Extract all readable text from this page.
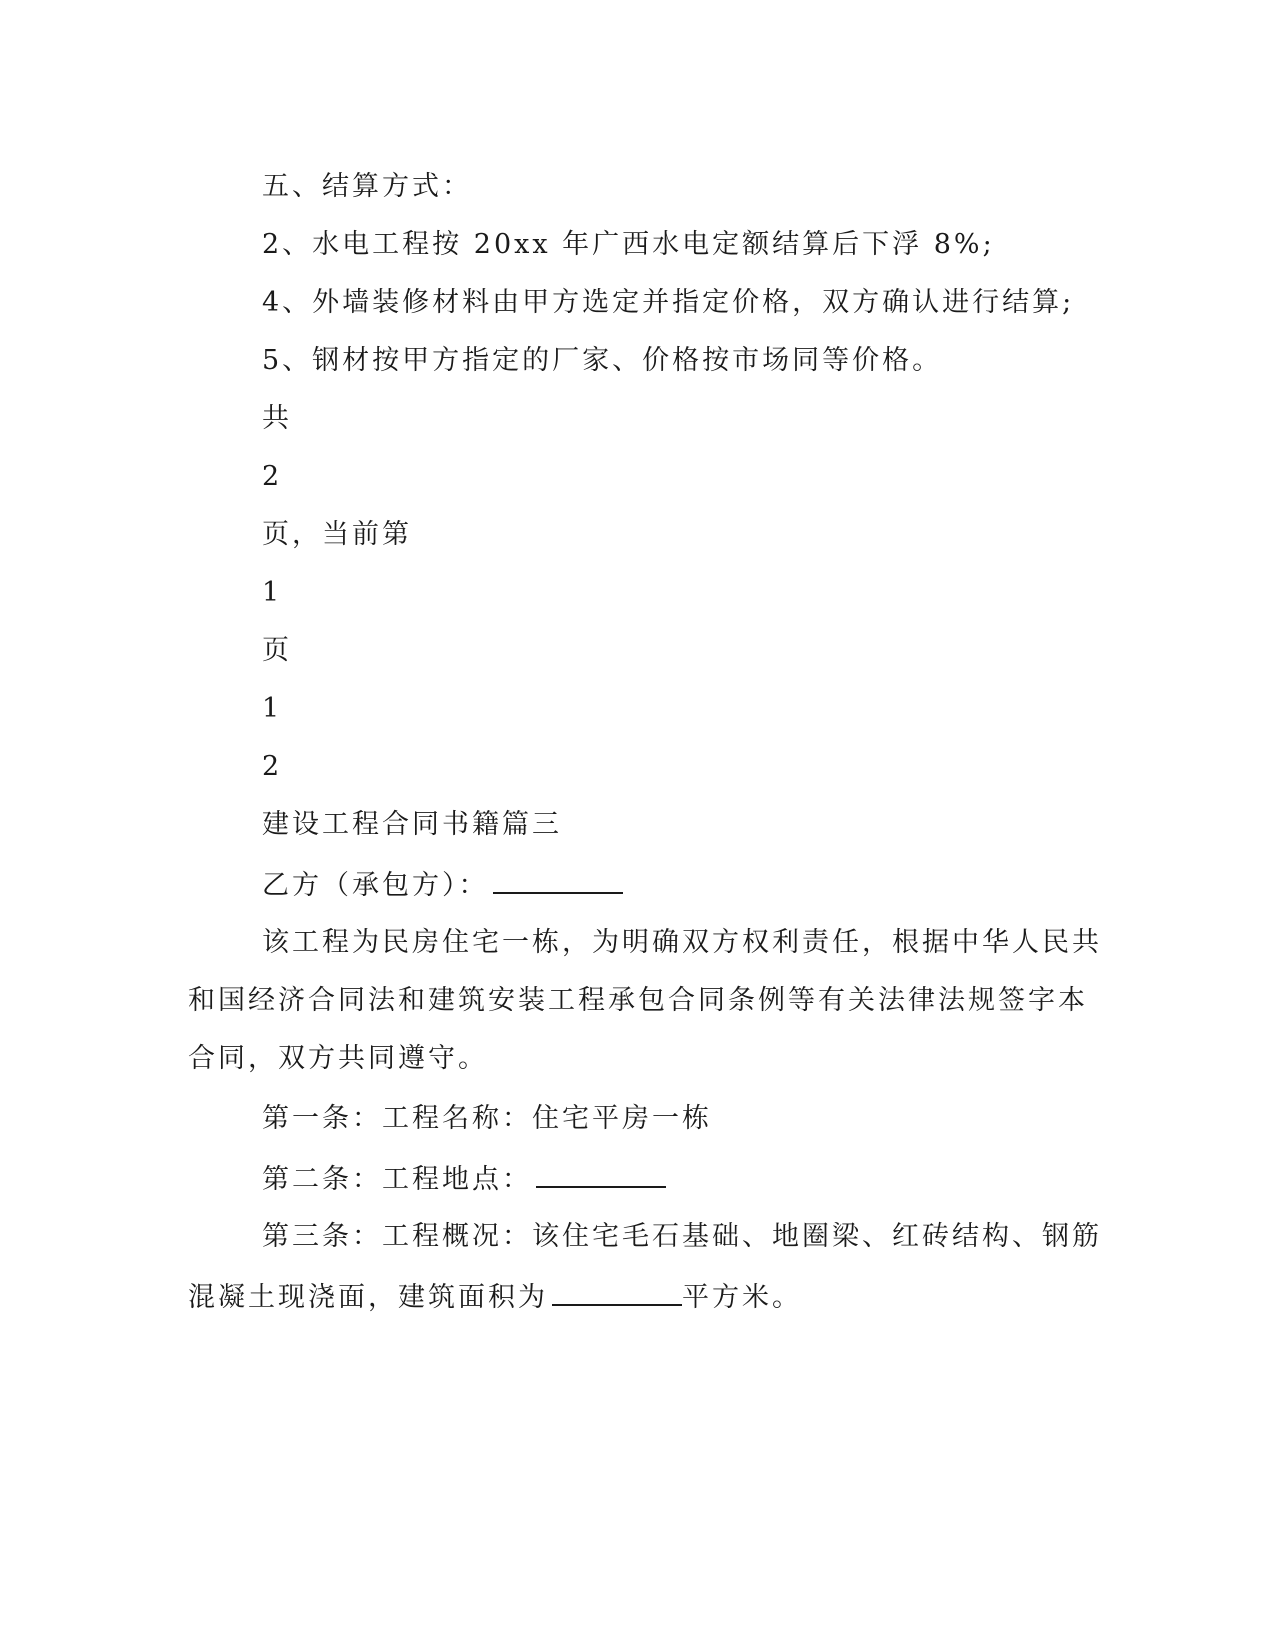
五、结算方式：
2、水电工程按 20xx 年广西水电定额结算后下浮 8%;
4、外墙装修材料由甲方选定并指定价格，双方确认进行结算;
5、钢材按甲方指定的厂家、价格按市场同等价格。
共
2
页，当前第
1
页
1
2
建设工程合同书籍篇三
乙方（承包方）：
该工程为民房住宅一栋，为明确双方权利责任，根据中华人民共
和国经济合同法和建筑安装工程承包合同条例等有关法律法规签字本
合同，双方共同遵守。
第一条：工程名称：住宅平房一栋
第二条：工程地点：
第三条：工程概况：该住宅毛石基础、地圈梁、红砖结构、钢筋
混凝土现浇面，建筑面积为	平方米。
